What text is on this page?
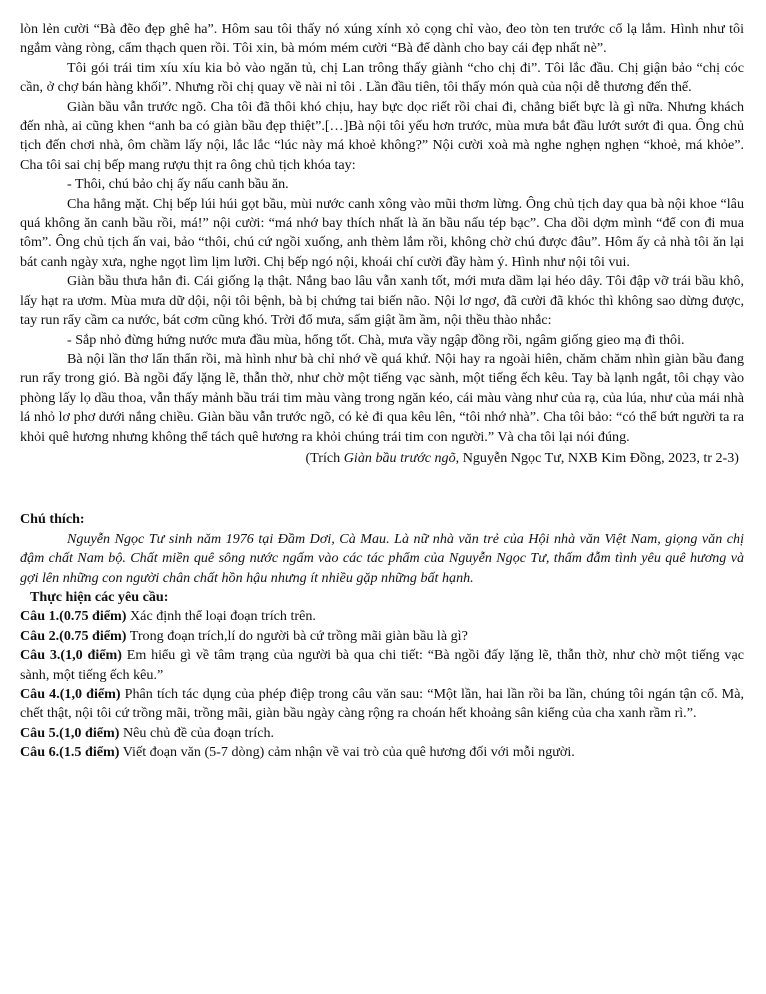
lòn lẻn cười “Bà đẽo đẹp ghê ha”. Hôm sau tôi thấy nó xúng xính xỏ cọng chỉ vào, đeo tòn ten trước cổ lạ lắm. Hình như tôi ngắm vàng ròng, cẩm thạch quen rồi. Tôi xin, bà móm mém cười “Bà để dành cho bay cái đẹp nhất nè”.

Tôi gói trái tim xíu xíu kia bỏ vào ngăn tủ, chị Lan trông thấy giành “cho chị đi”. Tôi lắc đầu. Chị giận bảo “chị cóc cần, ở chợ bán hàng khối”. Nhưng rồi chị quay về nài nỉ tôi . Lần đầu tiên, tôi thấy món quà của nội dễ thương đến thế.

Giàn bầu vẫn trước ngõ. Cha tôi đã thôi khó chịu, hay bực dọc riết rồi chai đi, chẳng biết bực là gì nữa. Nhưng khách đến nhà, ai cũng khen “anh ba có giàn bầu đẹp thiệt”.[…]Bà nội tôi yếu hơn trước, mùa mưa bắt đầu lướt sướt đi qua. Ông chủ tịch đến chơi nhà, ôm chầm lấy nội, lắc lắc “lúc này má khoẻ không?” Nội cười xoà mà nghe nghẹn nghẹn “khoẻ, má khỏe”. Cha tôi sai chị bếp mang rượu thịt ra ông chủ tịch khóa tay:

- Thôi, chú bảo chị ấy nấu canh bầu ăn.

Cha hẳng mặt. Chị bếp lúi húi gọt bầu, mùi nước canh xông vào mũi thơm lừng. Ông chủ tịch day qua bà nội khoe “lâu quá không ăn canh bầu rồi, má!” nội cười: “má nhớ bay thích nhất là ăn bầu nấu tép bạc”. Cha dồi dợm mình “để con đi mua tôm”. Ông chủ tịch ấn vai, bảo “thôi, chú cứ ngồi xuống, anh thèm lắm rồi, không chờ chú được đâu”. Hôm ấy cả nhà tôi ăn lại bát canh ngày xưa, nghe ngọt lìm lịm lưỡi. Chị bếp ngó nội, khoái chí cười đầy hàm ý. Hình như nội tôi vui.

Giàn bầu thưa hẳn đi. Cái giống lạ thật. Nắng bao lâu vẫn xanh tốt, mới mưa dầm lại héo dây. Tôi đập vỡ trái bầu khô, lấy hạt ra ươm. Mùa mưa dữ dội, nội tôi bệnh, bà bị chứng tai biến não. Nội lơ ngơ, đã cười đã khóc thì không sao dừng được, tay run rẩy cầm ca nước, bát cơm cũng khó. Trời đổ mưa, sấm giật ầm ầm, nội thều thào nhắc:

- Sắp nhỏ đừng hứng nước mưa đầu mùa, hổng tốt. Chà, mưa vầy ngập đồng rồi, ngâm giống gieo mạ đi thôi.

Bà nội lần thơ lẩn thẩn rồi, mà hình như bà chỉ nhớ về quá khứ. Nội hay ra ngoài hiên, chăm chăm nhìn giàn bầu đang run rẩy trong gió. Bà ngồi đấy lặng lẽ, thẫn thờ, như chờ một tiếng vạc sành, một tiếng ếch kêu. Tay bà lạnh ngắt, tôi chạy vào phòng lấy lọ dầu thoa, vẫn thấy mảnh bầu trái tim màu vàng trong ngăn kéo, cái màu vàng như của rạ, của lúa, như của mái nhà lá nhỏ lơ phơ dưới nắng chiều. Giàn bầu vẫn trước ngõ, có kẻ đi qua kêu lên, “tôi nhớ nhà”. Cha tôi bảo: “có thể bứt người ta ra khỏi quê hương nhưng không thể tách quê hương ra khỏi chúng trái tim con người.” Và cha tôi lại nói đúng.

(Trích Giàn bầu trước ngõ, Nguyễn Ngọc Tư, NXB Kim Đồng, 2023, tr 2-3)

Chú thích:

Nguyễn Ngọc Tư sinh năm 1976 tại Đầm Dơi, Cà Mau. Là nữ nhà văn trẻ của Hội nhà văn Việt Nam, giọng văn chị đậm chất Nam bộ. Chất miền quê sông nước ngấm vào các tác phẩm của Nguyễn Ngọc Tư, thấm đẫm tình yêu quê hương và gợi lên những con người chân chất hồn hậu nhưng ít nhiều gặp những bất hạnh.

Thực hiện các yêu cầu:

Câu 1.(0.75 điểm) Xác định thể loại đoạn trích trên.

Câu 2.(0.75 điểm) Trong đoạn trích,lí do người bà cứ trồng mãi giàn bầu là gì?

Câu 3.(1,0 điểm) Em hiểu gì về tâm trạng của người bà qua chi tiết: “Bà ngồi đấy lặng lẽ, thẫn thờ, như chờ một tiếng vạc sành, một tiếng ếch kêu.”

Câu 4.(1,0 điểm) Phân tích tác dụng của phép điệp trong câu văn sau: “Một lần, hai lần rồi ba lần, chúng tôi ngán tận cổ. Mà, chết thật, nội tôi cứ trồng mãi, trồng mãi, giàn bầu ngày càng rộng ra choán hết khoảng sân kiểng của cha xanh rầm rì.”.

Câu 5.(1,0 điểm) Nêu chủ đề của đoạn trích.

Câu 6.(1.5 điểm) Viết đoạn văn (5-7 dòng) cảm nhận về vai trò của quê hương đối với mỗi người.
